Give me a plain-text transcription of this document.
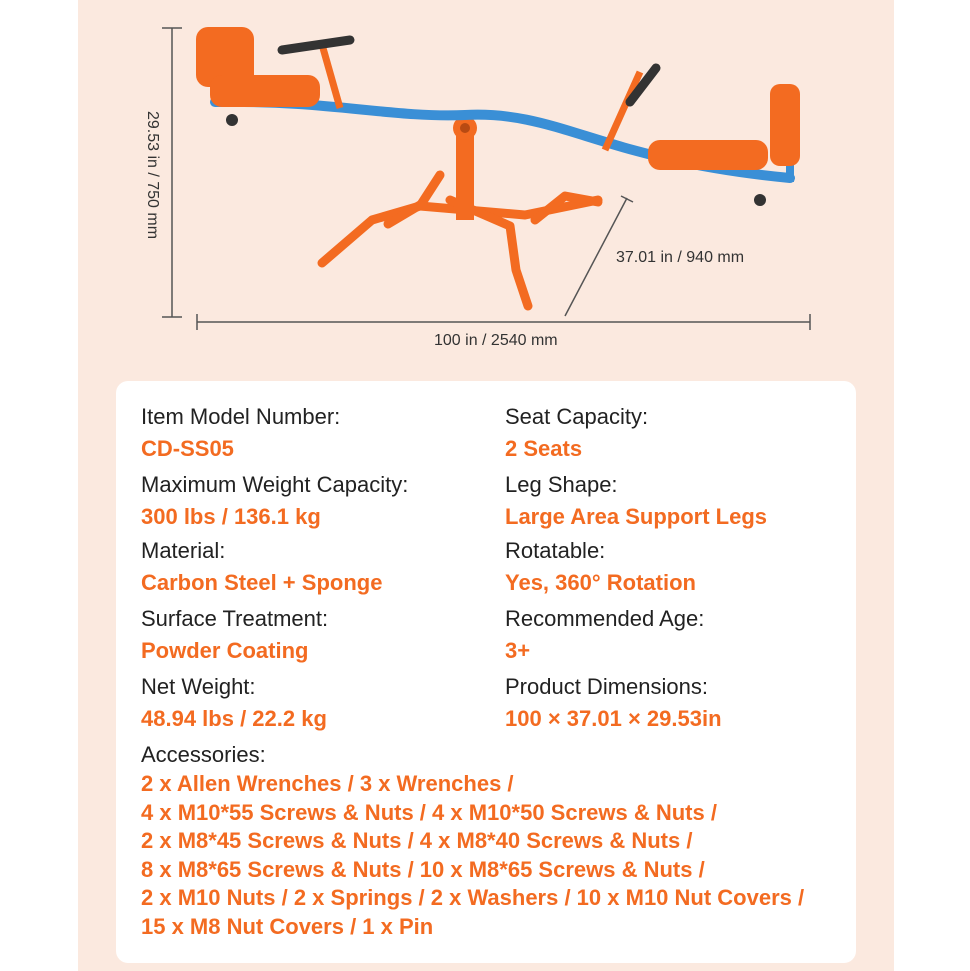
29.53 in / 750 mm
37.01 in / 940 mm
100 in / 2540 mm
Item Model Number:
CD-SS05
Seat Capacity:
2 Seats
Maximum Weight Capacity:
300 lbs / 136.1 kg
Leg Shape:
Large Area Support Legs
Material:
Carbon Steel + Sponge
Rotatable:
Yes, 360° Rotation
Surface Treatment:
Powder Coating
Recommended Age:
3+
Net Weight:
48.94 lbs / 22.2 kg
Product Dimensions:
100 × 37.01 × 29.53in
Accessories:
2 x Allen Wrenches / 3 x Wrenches /
4 x M10*55 Screws & Nuts / 4 x M10*50 Screws & Nuts /
2 x M8*45 Screws & Nuts / 4 x M8*40 Screws & Nuts /
8 x M8*65 Screws & Nuts / 10 x M8*65 Screws & Nuts /
2 x M10 Nuts / 2 x Springs / 2 x Washers / 10 x M10 Nut Covers /
15 x M8 Nut Covers / 1 x Pin
